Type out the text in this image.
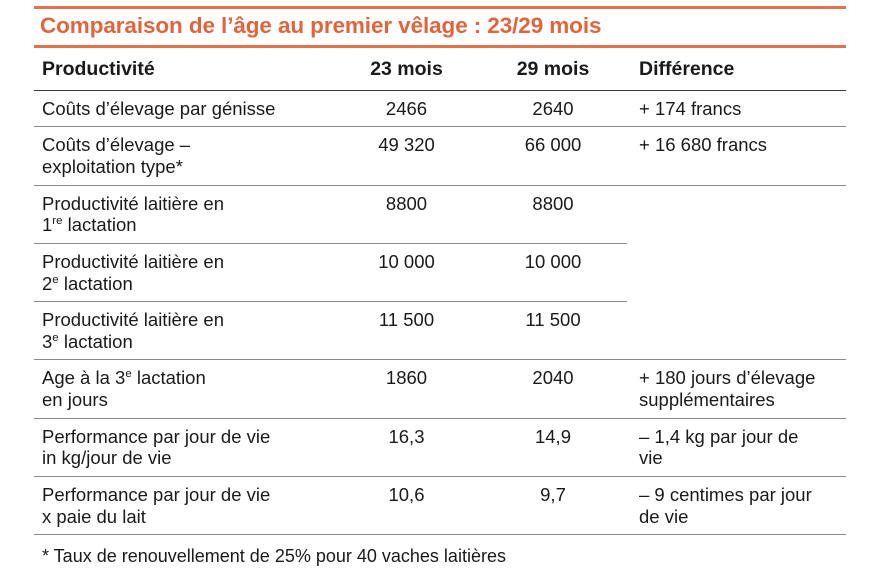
Comparaison de l’âge au premier vêlage : 23/29 mois
Productivité	23 mois	29 mois	Différence
Coûts d’élevage par génisse	2466	2640	+ 174 francs
Coûts d’élevage –
exploitation type*	49 320	66 000	+ 16 680 francs
Productivité laitière en
1re lactation	8800	8800	
Productivité laitière en
2e lactation	10 000	10 000	
Productivité laitière en
3e lactation	11 500	11 500	
Age à la 3e lactation
en jours	1860	2040	+ 180 jours d’élevage
supplémentaires
Performance par jour de vie
in kg/jour de vie	16,3	14,9	– 1,4 kg par jour de
vie
Performance par jour de vie
x paie du lait	10,6	9,7	– 9 centimes par jour
de vie
* Taux de renouvellement de 25% pour 40 vaches laitières
